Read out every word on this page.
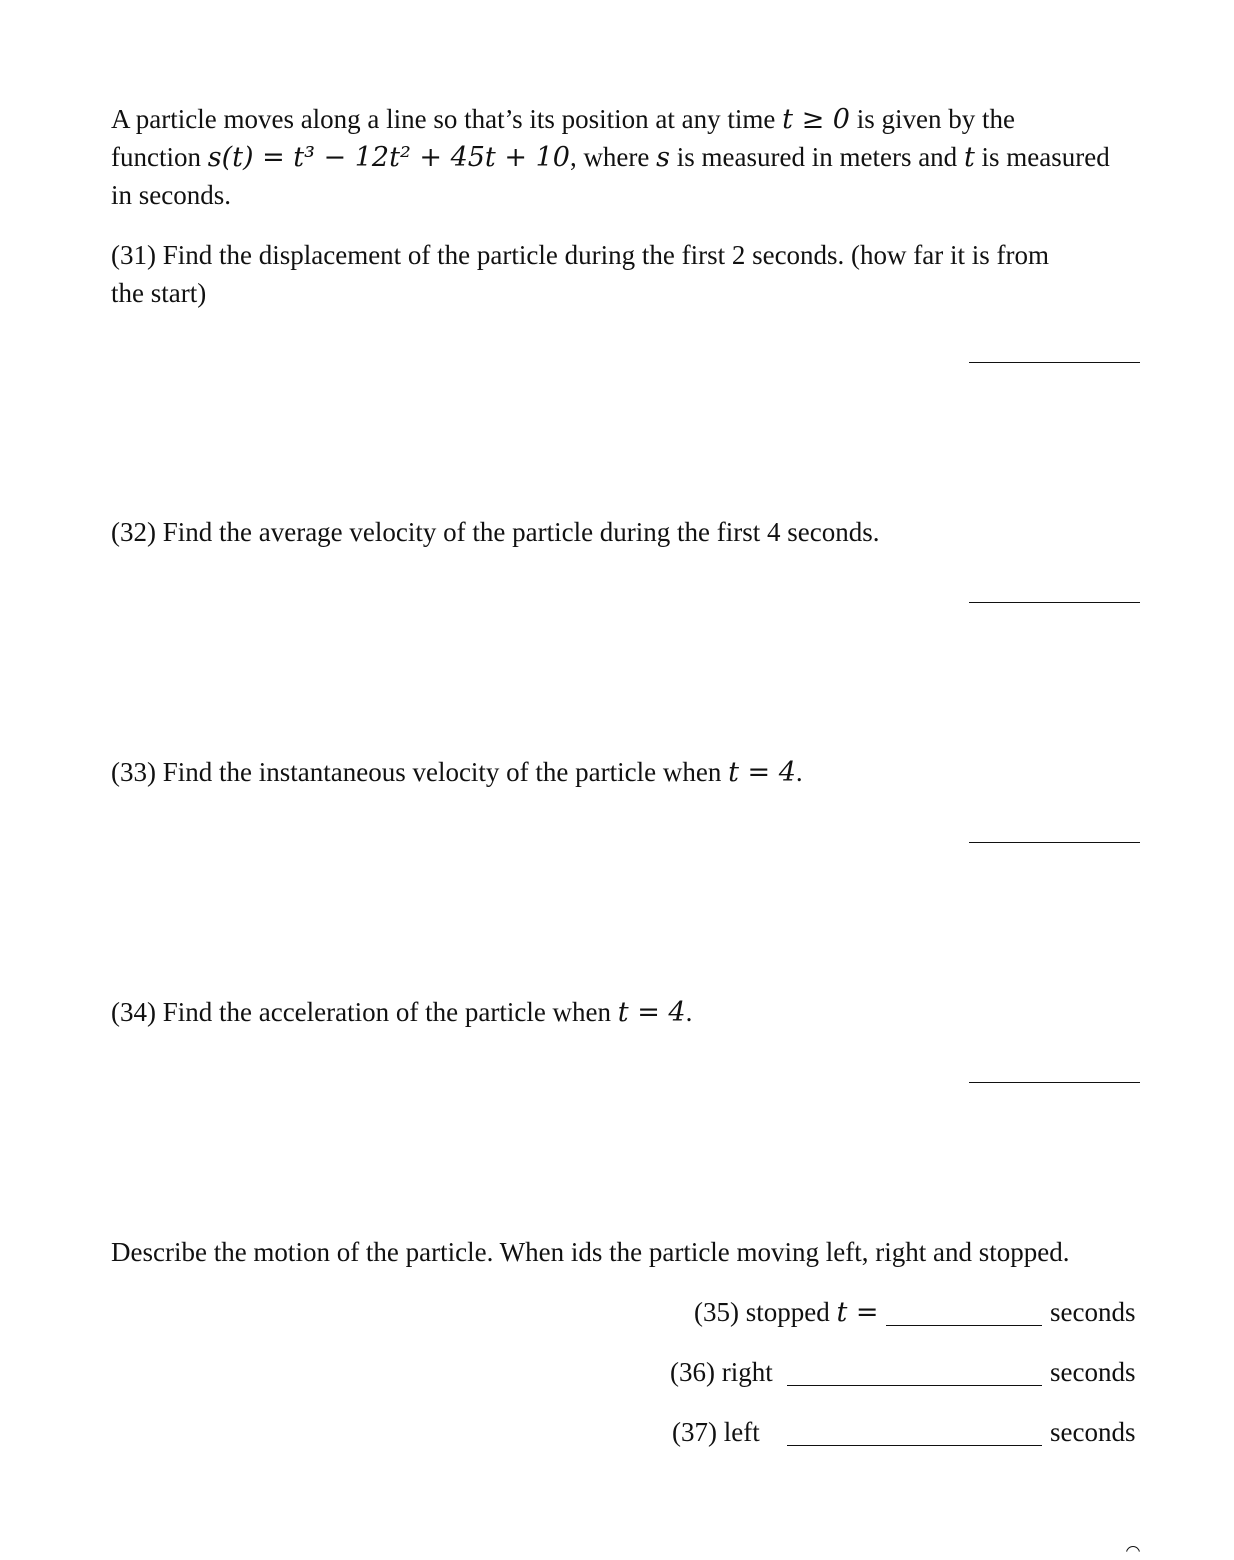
A particle moves along a line so that’s its position at any time t ≥ 0 is given by the
function s(t) = t³ − 12t² + 45t + 10, where s is measured in meters and t is measured
in seconds.
(31) Find the displacement of the particle during the first 2 seconds. (how far it is from
the start)
(32) Find the average velocity of the particle during the first 4 seconds.
(33) Find the instantaneous velocity of the particle when t = 4.
(34) Find the acceleration of the particle when t = 4.
Describe the motion of the particle. When ids the particle moving left, right and stopped.
(35) stopped t =	seconds
(36) right	seconds
(37) left	seconds
